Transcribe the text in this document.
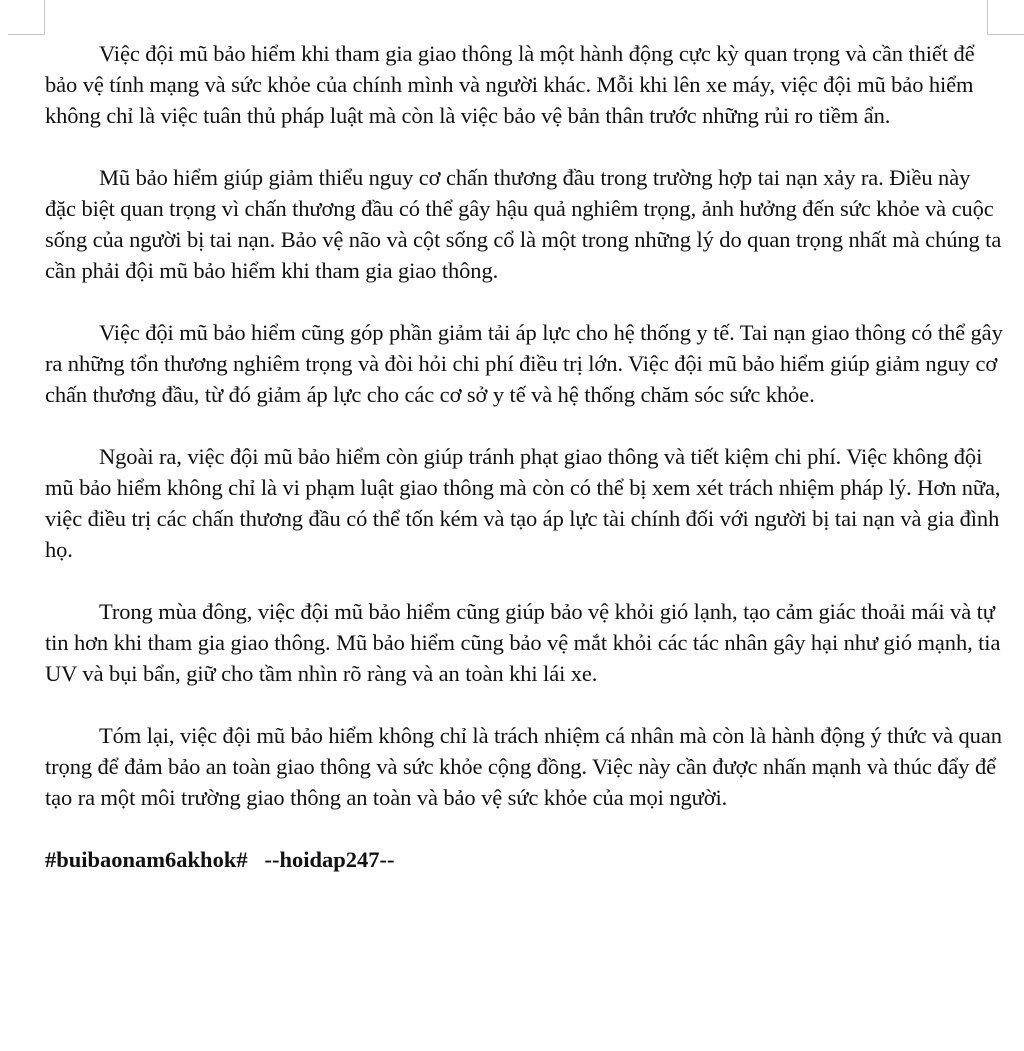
Việc đội mũ bảo hiểm khi tham gia giao thông là một hành động cực kỳ quan trọng và cần thiết để bảo vệ tính mạng và sức khỏe của chính mình và người khác. Mỗi khi lên xe máy, việc đội mũ bảo hiểm không chỉ là việc tuân thủ pháp luật mà còn là việc bảo vệ bản thân trước những rủi ro tiềm ẩn.

Mũ bảo hiểm giúp giảm thiểu nguy cơ chấn thương đầu trong trường hợp tai nạn xảy ra. Điều này đặc biệt quan trọng vì chấn thương đầu có thể gây hậu quả nghiêm trọng, ảnh hưởng đến sức khỏe và cuộc sống của người bị tai nạn. Bảo vệ não và cột sống cổ là một trong những lý do quan trọng nhất mà chúng ta cần phải đội mũ bảo hiểm khi tham gia giao thông.

Việc đội mũ bảo hiểm cũng góp phần giảm tải áp lực cho hệ thống y tế. Tai nạn giao thông có thể gây ra những tổn thương nghiêm trọng và đòi hỏi chi phí điều trị lớn. Việc đội mũ bảo hiểm giúp giảm nguy cơ chấn thương đầu, từ đó giảm áp lực cho các cơ sở y tế và hệ thống chăm sóc sức khỏe.

Ngoài ra, việc đội mũ bảo hiểm còn giúp tránh phạt giao thông và tiết kiệm chi phí. Việc không đội mũ bảo hiểm không chỉ là vi phạm luật giao thông mà còn có thể bị xem xét trách nhiệm pháp lý. Hơn nữa, việc điều trị các chấn thương đầu có thể tốn kém và tạo áp lực tài chính đối với người bị tai nạn và gia đình họ.

Trong mùa đông, việc đội mũ bảo hiểm cũng giúp bảo vệ khỏi gió lạnh, tạo cảm giác thoải mái và tự tin hơn khi tham gia giao thông. Mũ bảo hiểm cũng bảo vệ mắt khỏi các tác nhân gây hại như gió mạnh, tia UV và bụi bẩn, giữ cho tầm nhìn rõ ràng và an toàn khi lái xe.

Tóm lại, việc đội mũ bảo hiểm không chỉ là trách nhiệm cá nhân mà còn là hành động ý thức và quan trọng để đảm bảo an toàn giao thông và sức khỏe cộng đồng. Việc này cần được nhấn mạnh và thúc đẩy để tạo ra một môi trường giao thông an toàn và bảo vệ sức khỏe của mọi người.

#buibaonam6akhok# --hoidap247--
